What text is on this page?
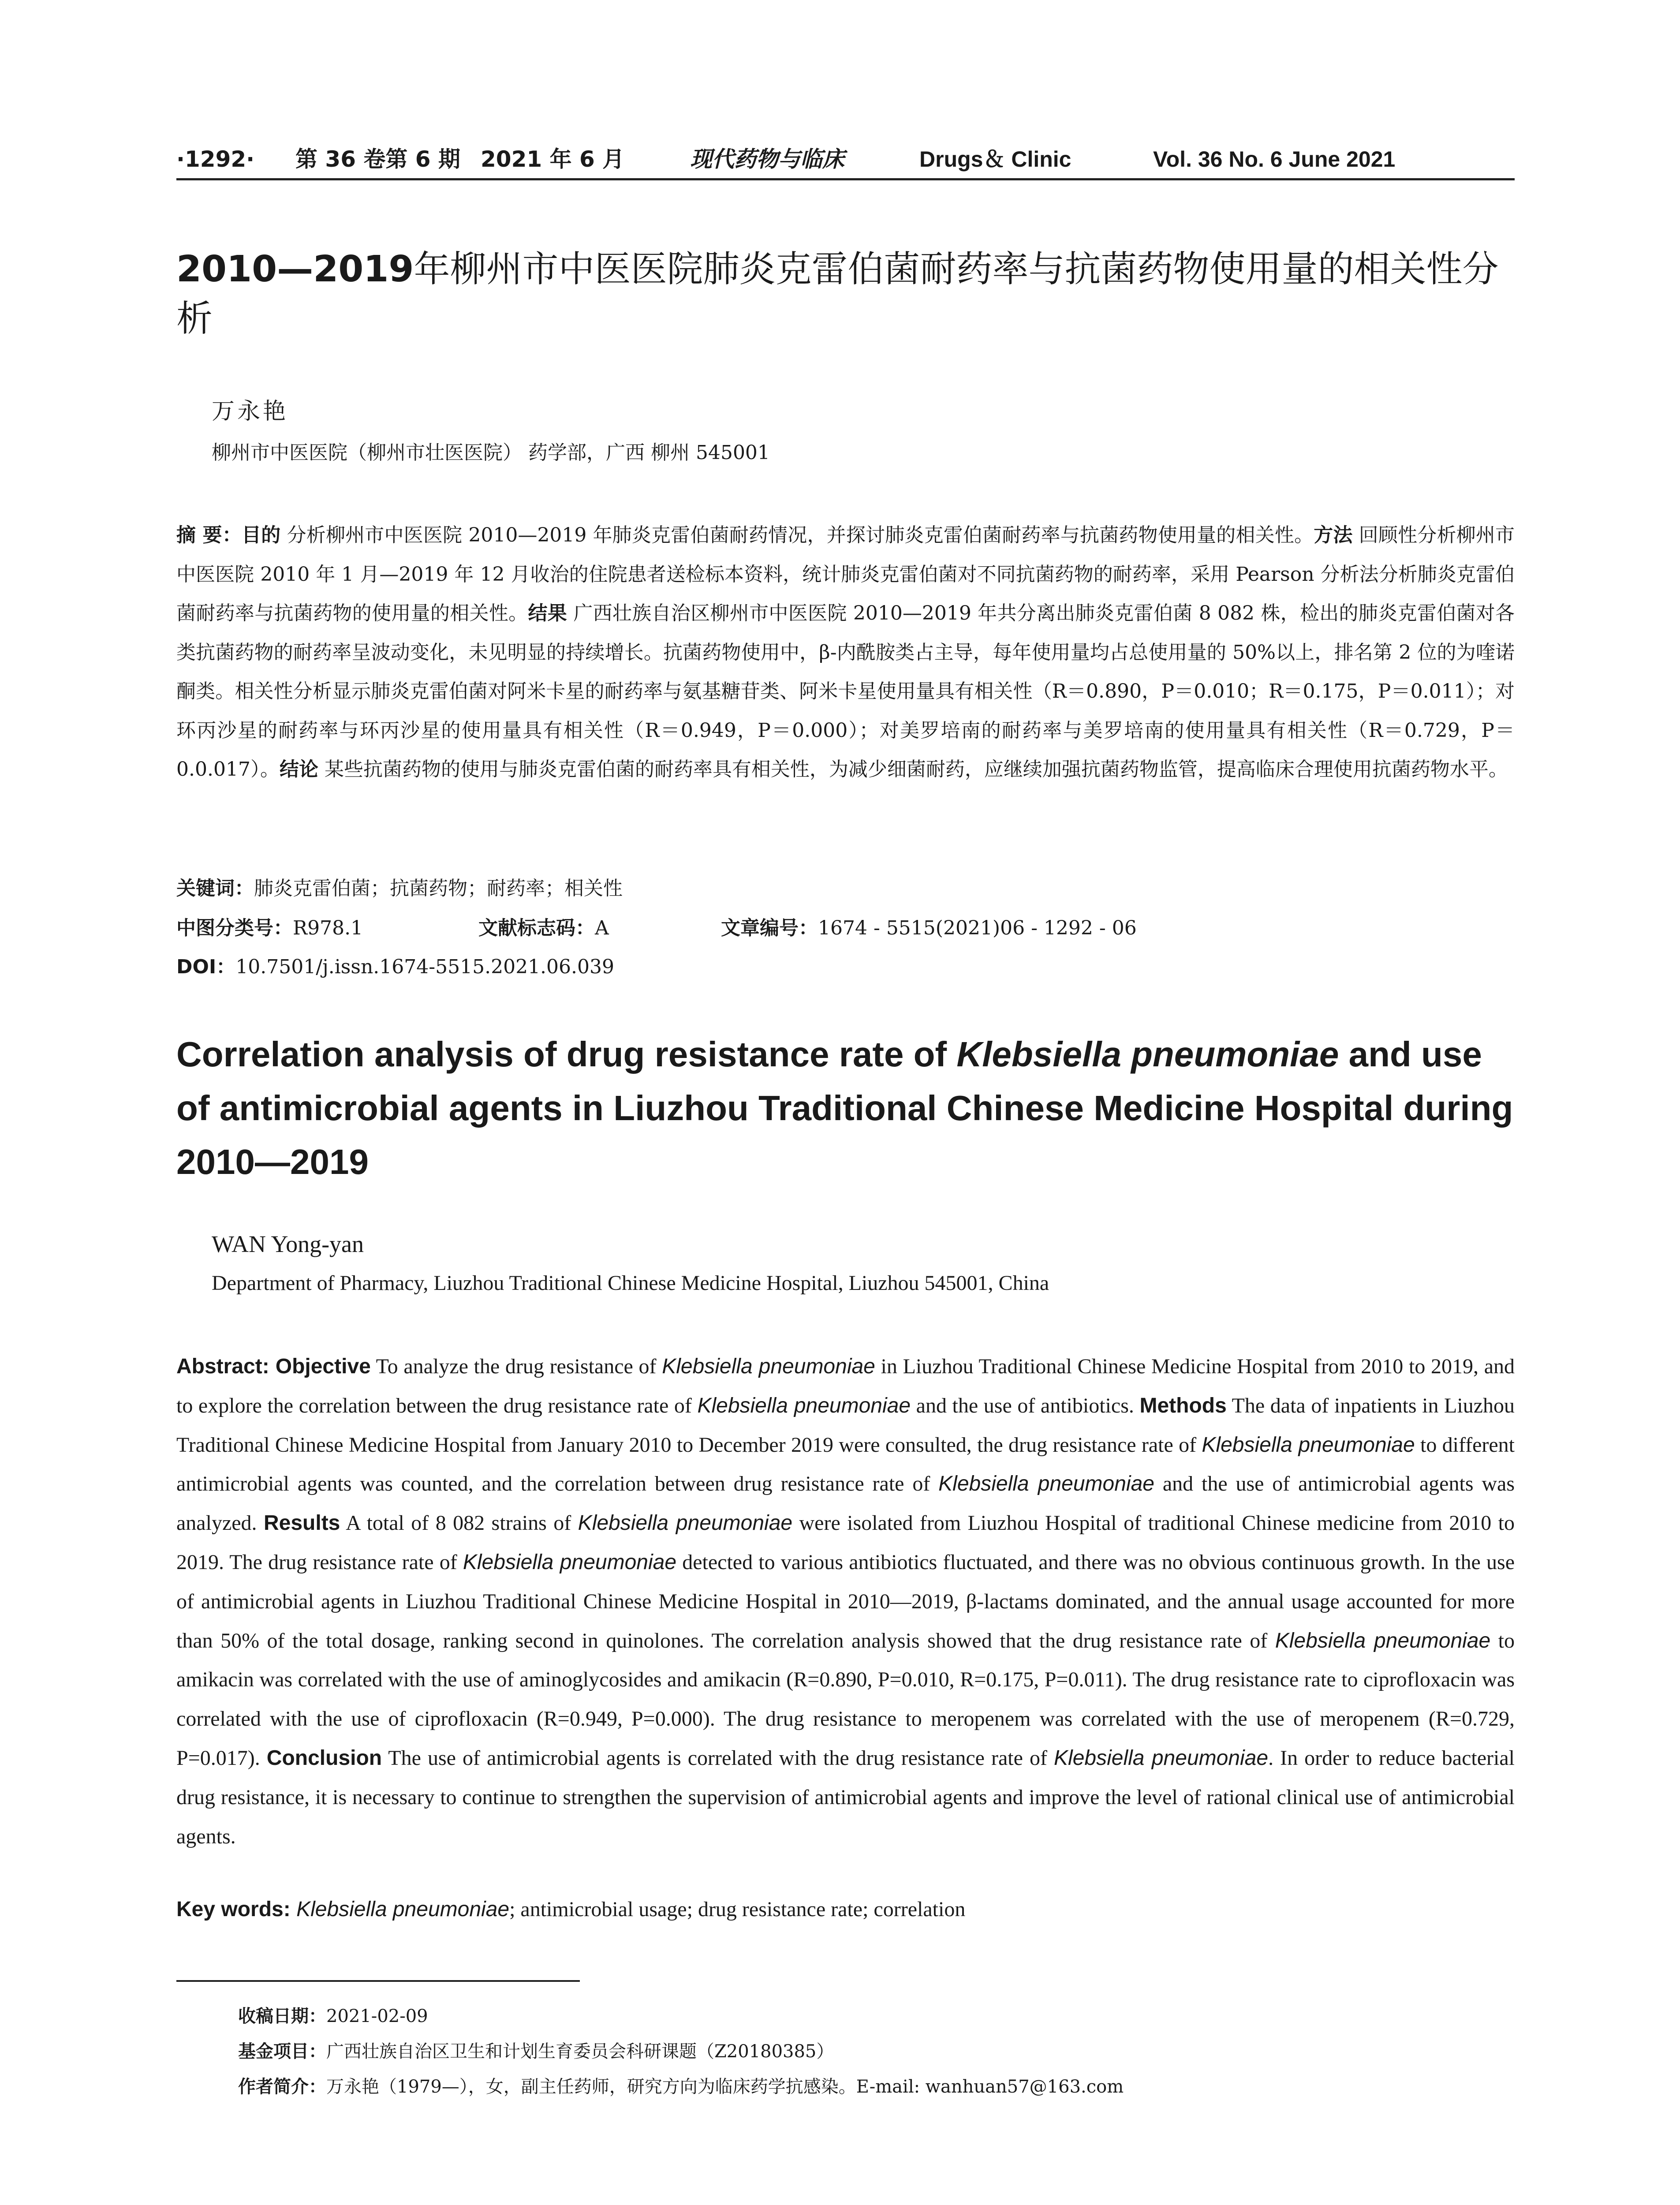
·1292· 第 36 卷第 6 期 2021 年 6 月	现代药物与临床	Drugs＆ Clinic	Vol. 36 No. 6 June 2021
2010—2019年柳州市中医医院肺炎克雷伯菌耐药率与抗菌药物使用量的相关性分析
万永艳
柳州市中医医院（柳州市壮医医院） 药学部，广西 柳州 545001
摘 要：目的 分析柳州市中医医院 2010—2019 年肺炎克雷伯菌耐药情况，并探讨肺炎克雷伯菌耐药率与抗菌药物使用量的相关性。方法 回顾性分析柳州市中医医院 2010 年 1 月—2019 年 12 月收治的住院患者送检标本资料，统计肺炎克雷伯菌对不同抗菌药物的耐药率，采用 Pearson 分析法分析肺炎克雷伯菌耐药率与抗菌药物的使用量的相关性。结果 广西壮族自治区柳州市中医医院 2010—2019 年共分离出肺炎克雷伯菌 8 082 株，检出的肺炎克雷伯菌对各类抗菌药物的耐药率呈波动变化，未见明显的持续增长。抗菌药物使用中，β-内酰胺类占主导，每年使用量均占总使用量的 50%以上，排名第 2 位的为喹诺酮类。相关性分析显示肺炎克雷伯菌对阿米卡星的耐药率与氨基糖苷类、阿米卡星使用量具有相关性（R＝0.890，P＝0.010；R＝0.175，P＝0.011）；对环丙沙星的耐药率与环丙沙星的使用量具有相关性（R＝0.949，P＝0.000）；对美罗培南的耐药率与美罗培南的使用量具有相关性（R＝0.729，P＝0.0.017）。结论 某些抗菌药物的使用与肺炎克雷伯菌的耐药率具有相关性，为减少细菌耐药，应继续加强抗菌药物监管，提高临床合理使用抗菌药物水平。
关键词：肺炎克雷伯菌；抗菌药物；耐药率；相关性
中图分类号：R978.1	文献标志码：A	文章编号：1674 - 5515(2021)06 - 1292 - 06
DOI：10.7501/j.issn.1674-5515.2021.06.039
Correlation analysis of drug resistance rate of Klebsiella pneumoniae and use of antimicrobial agents in Liuzhou Traditional Chinese Medicine Hospital during 2010—2019
WAN Yong-yan
Department of Pharmacy, Liuzhou Traditional Chinese Medicine Hospital, Liuzhou 545001, China
Abstract: Objective To analyze the drug resistance of Klebsiella pneumoniae in Liuzhou Traditional Chinese Medicine Hospital from 2010 to 2019, and to explore the correlation between the drug resistance rate of Klebsiella pneumoniae and the use of antibiotics. Methods The data of inpatients in Liuzhou Traditional Chinese Medicine Hospital from January 2010 to December 2019 were consulted, the drug resistance rate of Klebsiella pneumoniae to different antimicrobial agents was counted, and the correlation between drug resistance rate of Klebsiella pneumoniae and the use of antimicrobial agents was analyzed. Results A total of 8 082 strains of Klebsiella pneumoniae were isolated from Liuzhou Hospital of traditional Chinese medicine from 2010 to 2019. The drug resistance rate of Klebsiella pneumoniae detected to various antibiotics fluctuated, and there was no obvious continuous growth. In the use of antimicrobial agents in Liuzhou Traditional Chinese Medicine Hospital in 2010—2019, β-lactams dominated, and the annual usage accounted for more than 50% of the total dosage, ranking second in quinolones. The correlation analysis showed that the drug resistance rate of Klebsiella pneumoniae to amikacin was correlated with the use of aminoglycosides and amikacin (R=0.890, P=0.010, R=0.175, P=0.011). The drug resistance rate to ciprofloxacin was correlated with the use of ciprofloxacin (R=0.949, P=0.000). The drug resistance to meropenem was correlated with the use of meropenem (R=0.729, P=0.017). Conclusion The use of antimicrobial agents is correlated with the drug resistance rate of Klebsiella pneumoniae. In order to reduce bacterial drug resistance, it is necessary to continue to strengthen the supervision of antimicrobial agents and improve the level of rational clinical use of antimicrobial agents.
Key words: Klebsiella pneumoniae; antimicrobial usage; drug resistance rate; correlation
收稿日期：2021-02-09
基金项目：广西壮族自治区卫生和计划生育委员会科研课题（Z20180385）
作者简介：万永艳（1979—），女，副主任药师，研究方向为临床药学抗感染。E-mail: wanhuan57@163.com
